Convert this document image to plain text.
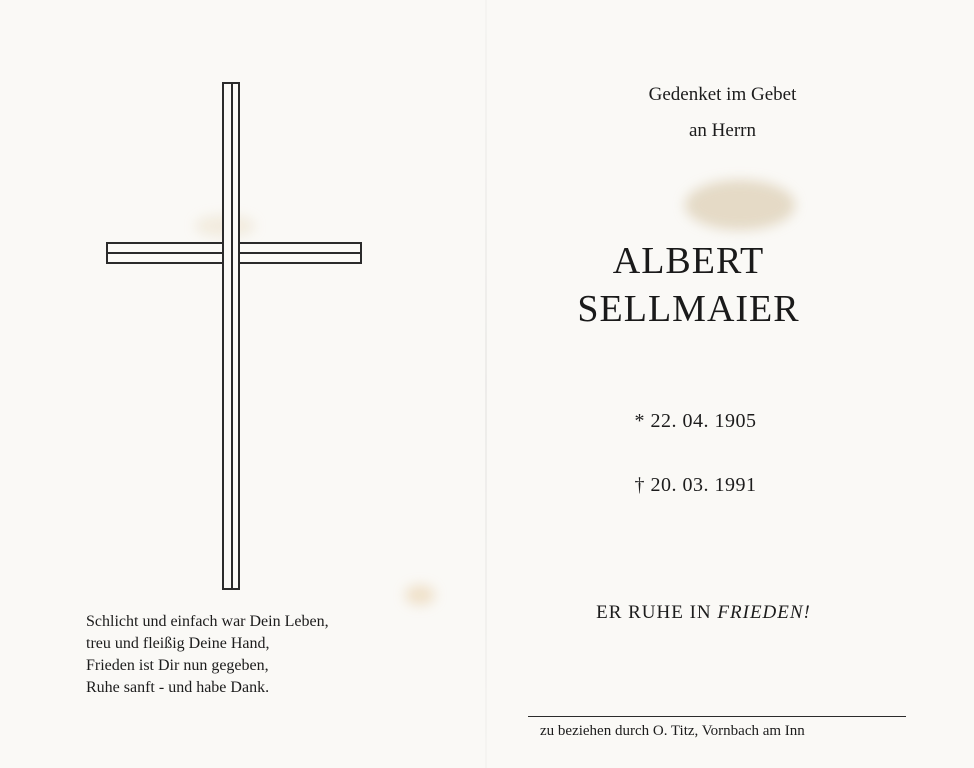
Schlicht und einfach war Dein Leben,
treu und fleißig Deine Hand,
Frieden ist Dir nun gegeben,
Ruhe sanft - und habe Dank.
Gedenket im Gebet
an Herrn
ALBERT
SELLMAIER
* 22. 04. 1905
† 20. 03. 1991
ER RUHE IN FRIEDEN!
zu beziehen durch O. Titz, Vornbach am Inn
